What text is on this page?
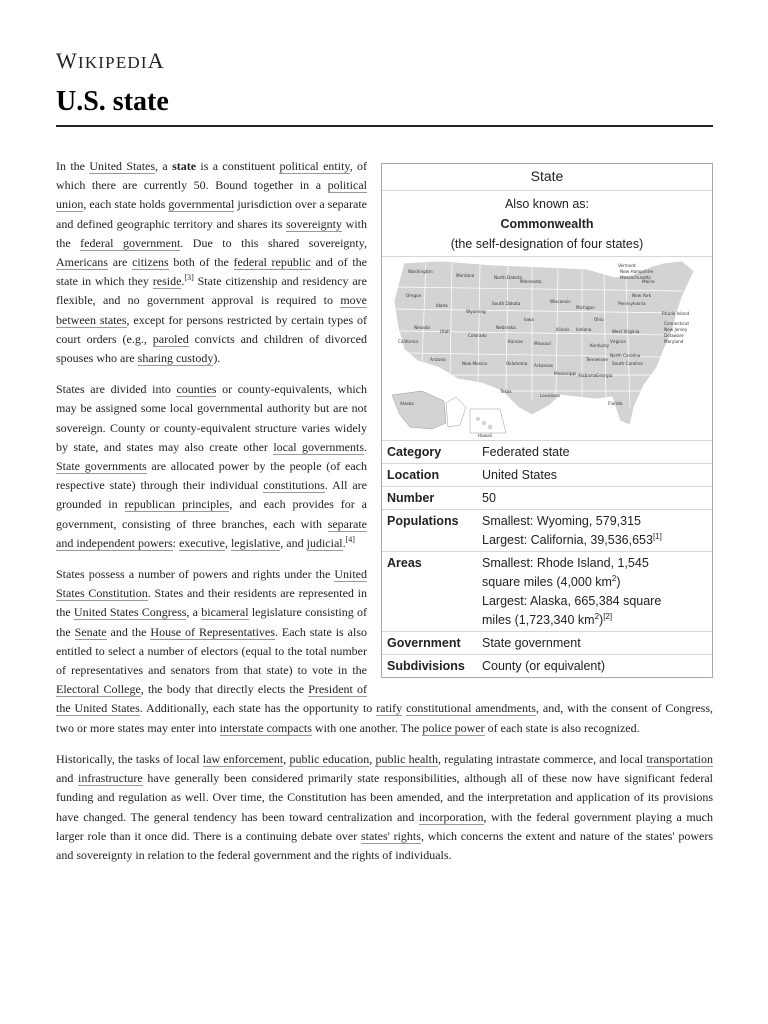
WIKIPEDIA
U.S. state
State
Also known as:
Commonwealth
(the self-designation of four states)
Washington
Oregon
California
Nevada
Idaho
Montana
Wyoming
Utah
Arizona
Colorado
New Mexico
North Dakota
South Dakota
Nebraska
Kansas
Oklahoma
Texas
Minnesota
Iowa
Missouri
Arkansas
Louisiana
Wisconsin
Illinois
Michigan
Indiana
Ohio
Kentucky
Tennessee
Mississippi Alabama Georgia
Florida
South Carolina
North Carolina
Virginia
West Virginia
Pennsylvania
New York
Vermont
New Hampshire
Maine
Massachusetts
Rhode Island
Connecticut
New Jersey
Delaware
Maryland
Alaska
Hawaii
Category	Federated state
Location	United States
Number	50
Populations	Smallest: Wyoming, 579,315
Largest: California, 39,536,653[1]
Areas	Smallest: Rhode Island, 1,545
square miles (4,000 $km^2$)
Largest: Alaska, 665,384 square
miles (1,723,340 $km^2)[2]$
Government	State government
Subdivisions	County (or equivalent)

In the United States, a state is a constituent political entity, of which there are currently 50. Bound together in a political union, each state holds governmental jurisdiction over a separate and defined geographic territory and shares its sovereignty with the federal government. Due to this shared sovereignty, Americans are citizens both of the federal republic and of the state in which they reside.[3] State citizenship and residency are flexible, and no government approval is required to move between states, except for persons restricted by certain types of court orders (e.g., paroled convicts and children of divorced spouses who are sharing custody).

States are divided into counties or county-equivalents, which may be assigned some local governmental authority but are not sovereign. County or county-equivalent structure varies widely by state, and states may also create other local governments. State governments are allocated power by the people (of each respective state) through their individual constitutions. All are grounded in republican principles, and each provides for a government, consisting of three branches, each with separate and independent powers: executive, legislative, and judicial.[4]

States possess a number of powers and rights under the United States Constitution. States and their residents are represented in the United States Congress, a bicameral legislature consisting of the Senate and the House of Representatives. Each state is also entitled to select a number of electors (equal to the total number of representatives and senators from that state) to vote in the Electoral College, the body that directly elects the President of the United States. Additionally, each state has the opportunity to ratify constitutional amendments, and, with the consent of Congress, two or more states may enter into interstate compacts with one another. The police power of each state is also recognized.

Historically, the tasks of local law enforcement, public education, public health, regulating intrastate commerce, and local transportation and infrastructure have generally been considered primarily state responsibilities, although all of these now have significant federal funding and regulation as well. Over time, the Constitution has been amended, and the interpretation and application of its provisions have changed. The general tendency has been toward centralization and incorporation, with the federal government playing a much larger role than it once did. There is a continuing debate over states' rights, which concerns the extent and nature of the states' powers and sovereignty in relation to the federal government and the rights of individuals.
